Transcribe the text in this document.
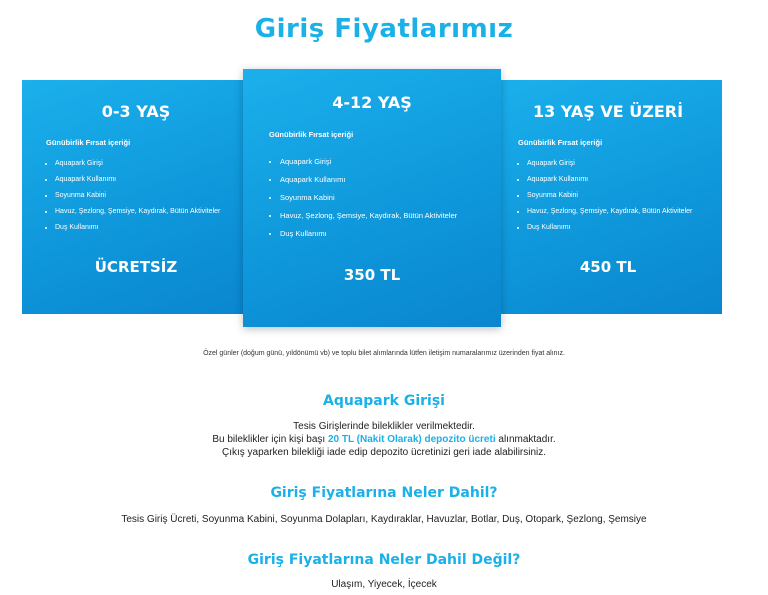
Giriş Fiyatlarımız
0-3 YAŞ
Günübirlik Fırsat içeriği
• Aquapark Girişi
• Aquapark Kullanımı
• Soyunma Kabini
• Havuz, Şezlong, Şemsiye, Kaydırak, Bütün Aktiviteler
• Duş Kullanımı
ÜCRETSİZ
13 YAŞ VE ÜZERİ
Günübirlik Fırsat içeriği
• Aquapark Girişi
• Aquapark Kullanımı
• Soyunma Kabini
• Havuz, Şezlong, Şemsiye, Kaydırak, Bütün Aktiviteler
• Duş Kullanımı
450 TL
4-12 YAŞ
Günübirlik Fırsat içeriği
• Aquapark Girişi
• Aquapark Kullanımı
• Soyunma Kabini
• Havuz, Şezlong, Şemsiye, Kaydırak, Bütün Aktiviteler
• Duş Kullanımı
350 TL
Özel günler (doğum günü, yıldönümü vb) ve toplu bilet alımlarında lütfen iletişim numaralarımız üzerinden fiyat alınız.
Aquapark Girişi
Tesis Girişlerinde bileklikler verilmektedir.
Bu bileklikler için kişi başı 20 TL (Nakit Olarak) depozito ücreti alınmaktadır.
Çıkış yaparken bilekliği iade edip depozito ücretinizi geri iade alabilirsiniz.
Giriş Fiyatlarına Neler Dahil?
Tesis Giriş Ücreti, Soyunma Kabini, Soyunma Dolapları, Kaydıraklar, Havuzlar, Botlar, Duş, Otopark, Şezlong, Şemsiye
Giriş Fiyatlarına Neler Dahil Değil?
Ulaşım, Yiyecek, İçecek
